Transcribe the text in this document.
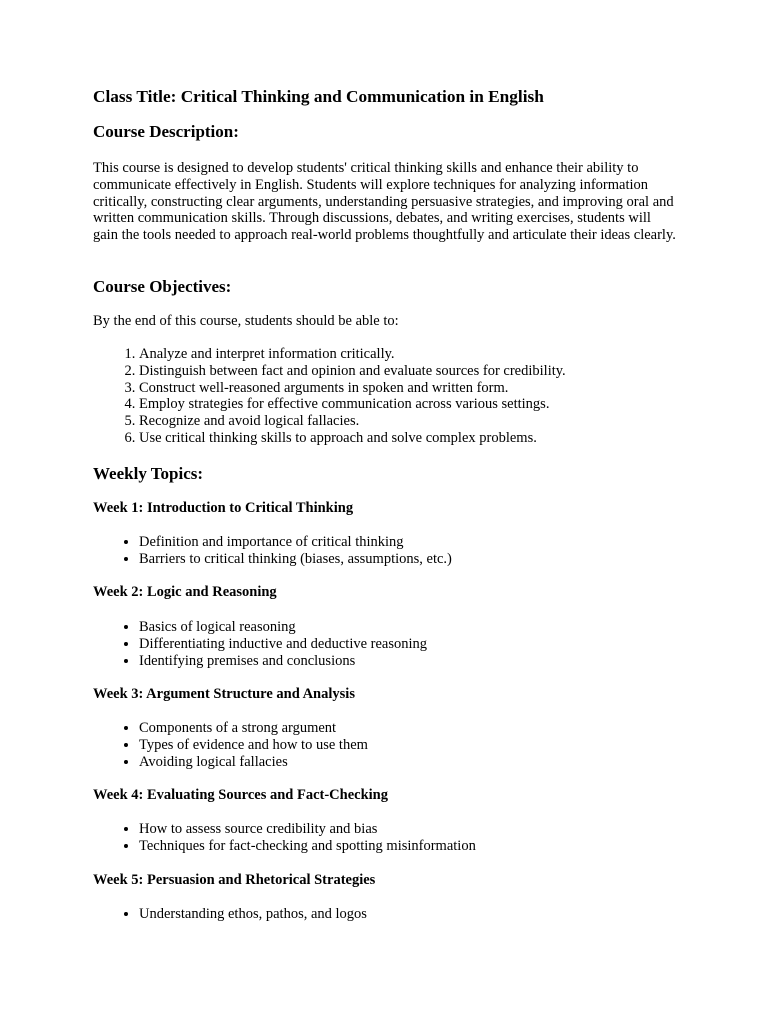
Class Title: Critical Thinking and Communication in English
Course Description:

This course is designed to develop students' critical thinking skills and enhance their ability to communicate effectively in English. Students will explore techniques for analyzing information critically, constructing clear arguments, understanding persuasive strategies, and improving oral and written communication skills. Through discussions, debates, and writing exercises, students will gain the tools needed to approach real-world problems thoughtfully and articulate their ideas clearly.

Course Objectives:

By the end of this course, students should be able to:

1. Analyze and interpret information critically.
2. Distinguish between fact and opinion and evaluate sources for credibility.
3. Construct well-reasoned arguments in spoken and written form.
4. Employ strategies for effective communication across various settings.
5. Recognize and avoid logical fallacies.
6. Use critical thinking skills to approach and solve complex problems.
Weekly Topics:
Week 1: Introduction to Critical Thinking
• Definition and importance of critical thinking
• Barriers to critical thinking (biases, assumptions, etc.)
Week 2: Logic and Reasoning
• Basics of logical reasoning
• Differentiating inductive and deductive reasoning
• Identifying premises and conclusions
Week 3: Argument Structure and Analysis
• Components of a strong argument
• Types of evidence and how to use them
• Avoiding logical fallacies
Week 4: Evaluating Sources and Fact-Checking
• How to assess source credibility and bias
• Techniques for fact-checking and spotting misinformation
Week 5: Persuasion and Rhetorical Strategies
• Understanding ethos, pathos, and logos
